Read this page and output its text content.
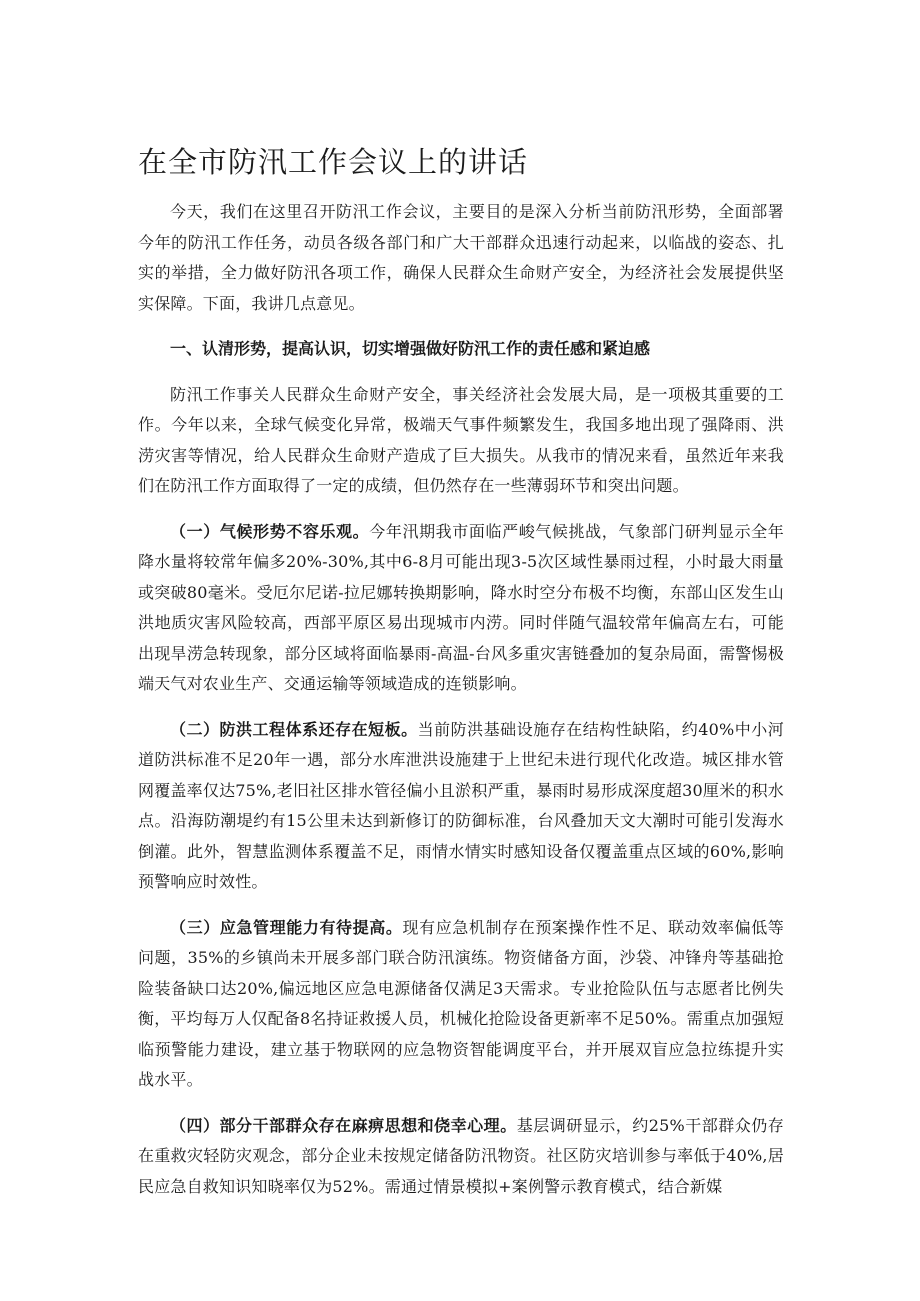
在全市防汛工作会议上的讲话

今天，我们在这里召开防汛工作会议，主要目的是深入分析当前防汛形势，全面部署今年的防汛工作任务，动员各级各部门和广大干部群众迅速行动起来，以临战的姿态、扎实的举措，全力做好防汛各项工作，确保人民群众生命财产安全，为经济社会发展提供坚实保障。下面，我讲几点意见。

一、认清形势，提高认识，切实增强做好防汛工作的责任感和紧迫感

防汛工作事关人民群众生命财产安全，事关经济社会发展大局，是一项极其重要的工作。今年以来，全球气候变化异常，极端天气事件频繁发生，我国多地出现了强降雨、洪涝灾害等情况，给人民群众生命财产造成了巨大损失。从我市的情况来看，虽然近年来我们在防汛工作方面取得了一定的成绩，但仍然存在一些薄弱环节和突出问题。

（一）气候形势不容乐观。今年汛期我市面临严峻气候挑战，气象部门研判显示全年降水量将较常年偏多20%-30%,其中6-8月可能出现3-5次区域性暴雨过程，小时最大雨量或突破80毫米。受厄尔尼诺-拉尼娜转换期影响，降水时空分布极不均衡，东部山区发生山洪地质灾害风险较高，西部平原区易出现城市内涝。同时伴随气温较常年偏高左右，可能出现旱涝急转现象，部分区域将面临暴雨-高温-台风多重灾害链叠加的复杂局面，需警惕极端天气对农业生产、交通运输等领域造成的连锁影响。

（二）防洪工程体系还存在短板。当前防洪基础设施存在结构性缺陷，约40%中小河道防洪标准不足20年一遇，部分水库泄洪设施建于上世纪未进行现代化改造。城区排水管网覆盖率仅达75%,老旧社区排水管径偏小且淤积严重，暴雨时易形成深度超30厘米的积水点。沿海防潮堤约有15公里未达到新修订的防御标准，台风叠加天文大潮时可能引发海水倒灌。此外，智慧监测体系覆盖不足，雨情水情实时感知设备仅覆盖重点区域的60%,影响预警响应时效性。

（三）应急管理能力有待提高。现有应急机制存在预案操作性不足、联动效率偏低等问题，35%的乡镇尚未开展多部门联合防汛演练。物资储备方面，沙袋、冲锋舟等基础抢险装备缺口达20%,偏远地区应急电源储备仅满足3天需求。专业抢险队伍与志愿者比例失衡，平均每万人仅配备8名持证救援人员，机械化抢险设备更新率不足50%。需重点加强短临预警能力建设，建立基于物联网的应急物资智能调度平台，并开展双盲应急拉练提升实战水平。

（四）部分干部群众存在麻痹思想和侥幸心理。基层调研显示，约25%干部群众仍存在重救灾轻防灾观念，部分企业未按规定储备防汛物资。社区防灾培训参与率低于40%,居民应急自救知识知晓率仅为52%。需通过情景模拟+案例警示教育模式，结合新媒
